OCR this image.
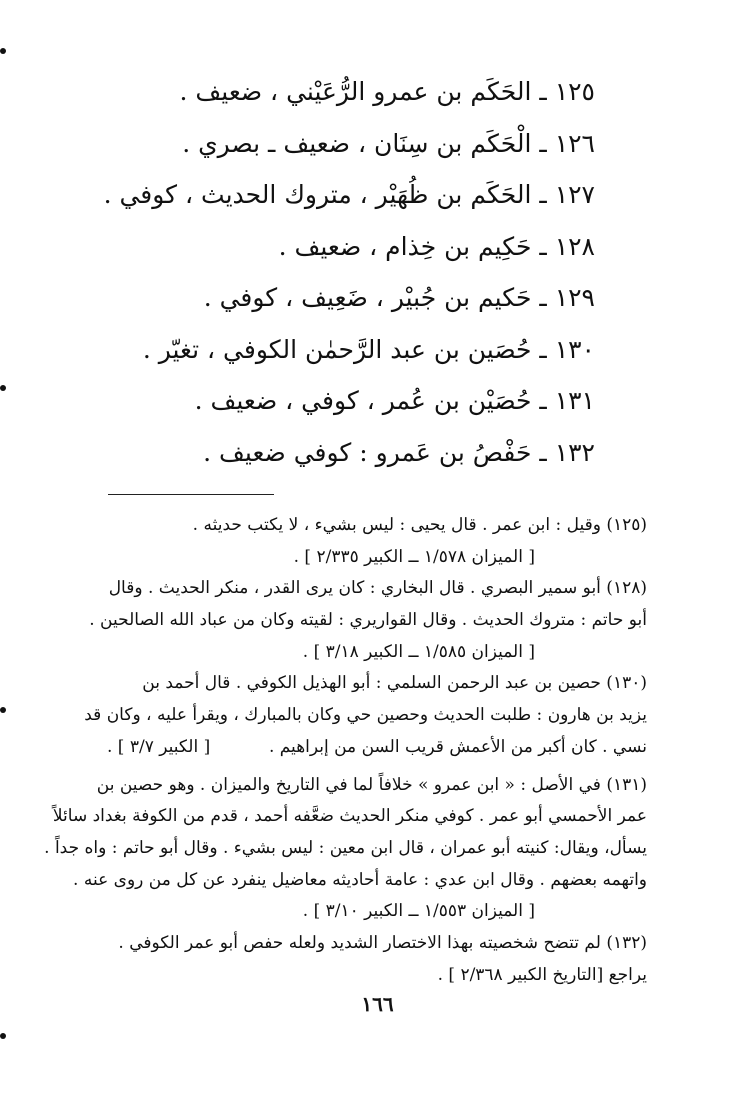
١٢٥ ـ الحَكَم بن عمرو الرُّعَيْني ، ضعيف .
١٢٦ ـ الْحَكَم بن سِنَان ، ضعيف ـ بصري .
١٢٧ ـ الحَكَم بن ظُهَيْر ، متروك الحديث ، كوفي .
١٢٨ ـ حَكِيم بن خِذام ، ضعيف .
١٢٩ ـ حَكيم بن جُبيْر ، ضَعِيف ، كوفي .
١٣٠ ـ حُصَين بن عبد الرَّحمٰن الكوفي ، تغيّر .
١٣١ ـ حُصَيْن بن عُمر ، كوفي ، ضعيف .
١٣٢ ـ حَفْصُ بن عَمرو : كوفي ضعيف .
(١٢٥) وقيل : ابن عمر . قال يحيى : ليس بشيء ، لا يكتب حديثه .
[ الميزان ١/٥٧٨ ــ الكبير ٢/٣٣٥ ] .
(١٢٨) أبو سمير البصري . قال البخاري : كان يرى القدر ، منكر الحديث . وقال
أبو حاتم : متروك الحديث . وقال القواريري : لقيته وكان من عباد الله الصالحين .
[ الميزان ١/٥٨٥ ــ الكبير ٣/١٨ ] .
(١٣٠) حصين بن عبد الرحمن السلمي : أبو الهذيل الكوفي . قال أحمد بن
يزيد بن هارون : طلبت الحديث وحصين حي وكان بالمبارك ، ويقرأ عليه ، وكان قد
نسي . كان أكبر من الأعمش قريب السن من إبراهيم .
[ الكبير ٣/٧ ] .
(١٣١) في الأصل : « ابن عمرو » خلافاً لما في التاريخ والميزان . وهو حصين بن
عمر الأحمسي أبو عمر . كوفي منكر الحديث ضعَّفه أحمد ، قدم من الكوفة بغداد سائلاً
يسأل، ويقال: كنيته أبو عمران ، قال ابن معين : ليس بشيء . وقال أبو حاتم : واه جداً .
واتهمه بعضهم . وقال ابن عدي : عامة أحاديثه معاضيل ينفرد عن كل من روى عنه .
[ الميزان ١/٥٥٣ ــ الكبير ٣/١٠ ] .
(١٣٢) لم تتضح شخصيته بهذا الاختصار الشديد ولعله حفص أبو عمر الكوفي .
يراجع [التاريخ الكبير ٢/٣٦٨ ] .
١٦٦
